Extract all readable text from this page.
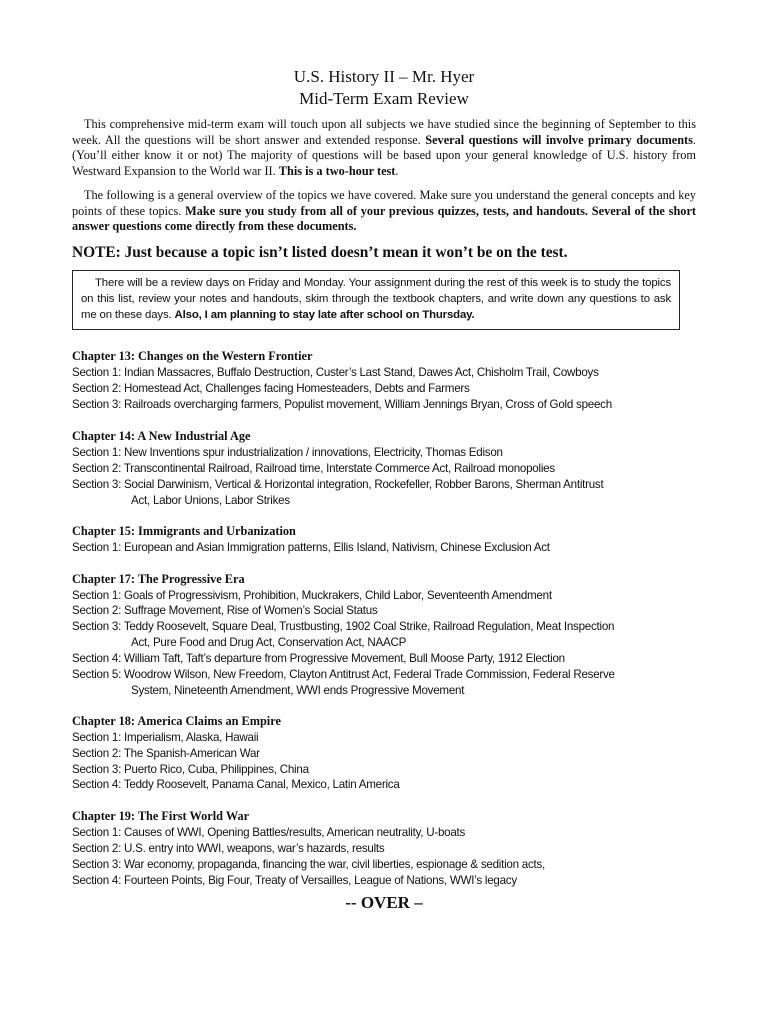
U.S. History II – Mr. Hyer
Mid-Term Exam Review
This comprehensive mid-term exam will touch upon all subjects we have studied since the beginning of September to this week. All the questions will be short answer and extended response. Several questions will involve primary documents. (You’ll either know it or not) The majority of questions will be based upon your general knowledge of U.S. history from Westward Expansion to the World war II. This is a two-hour test.
The following is a general overview of the topics we have covered. Make sure you understand the general concepts and key points of these topics. Make sure you study from all of your previous quizzes, tests, and handouts. Several of the short answer questions come directly from these documents.
NOTE: Just because a topic isn’t listed doesn’t mean it won’t be on the test.
There will be a review days on Friday and Monday. Your assignment during the rest of this week is to study the topics on this list, review your notes and handouts, skim through the textbook chapters, and write down any questions to ask me on these days. Also, I am planning to stay late after school on Thursday.
Chapter 13: Changes on the Western Frontier
Section 1: Indian Massacres, Buffalo Destruction, Custer’s Last Stand, Dawes Act, Chisholm Trail, Cowboys
Section 2: Homestead Act, Challenges facing Homesteaders, Debts and Farmers
Section 3: Railroads overcharging farmers, Populist movement, William Jennings Bryan, Cross of Gold speech
Chapter 14: A New Industrial Age
Section 1: New Inventions spur industrialization / innovations, Electricity, Thomas Edison
Section 2: Transcontinental Railroad, Railroad time, Interstate Commerce Act, Railroad monopolies
Section 3: Social Darwinism, Vertical & Horizontal integration, Rockefeller, Robber Barons, Sherman Antitrust
Act, Labor Unions, Labor Strikes
Chapter 15: Immigrants and Urbanization
Section 1: European and Asian Immigration patterns, Ellis Island, Nativism, Chinese Exclusion Act
Chapter 17: The Progressive Era
Section 1: Goals of Progressivism, Prohibition, Muckrakers, Child Labor, Seventeenth Amendment
Section 2: Suffrage Movement, Rise of Women’s Social Status
Section 3: Teddy Roosevelt, Square Deal, Trustbusting, 1902 Coal Strike, Railroad Regulation, Meat Inspection
Act, Pure Food and Drug Act, Conservation Act, NAACP
Section 4: William Taft, Taft’s departure from Progressive Movement, Bull Moose Party, 1912 Election
Section 5: Woodrow Wilson, New Freedom, Clayton Antitrust Act, Federal Trade Commission, Federal Reserve
System, Nineteenth Amendment, WWI ends Progressive Movement
Chapter 18: America Claims an Empire
Section 1: Imperialism, Alaska, Hawaii
Section 2: The Spanish-American War
Section 3: Puerto Rico, Cuba, Philippines, China
Section 4: Teddy Roosevelt, Panama Canal, Mexico, Latin America
Chapter 19: The First World War
Section 1: Causes of WWI, Opening Battles/results, American neutrality, U-boats
Section 2: U.S. entry into WWI, weapons, war’s hazards, results
Section 3: War economy, propaganda, financing the war, civil liberties, espionage & sedition acts,
Section 4: Fourteen Points, Big Four, Treaty of Versailles, League of Nations, WWI’s legacy
-- OVER –
